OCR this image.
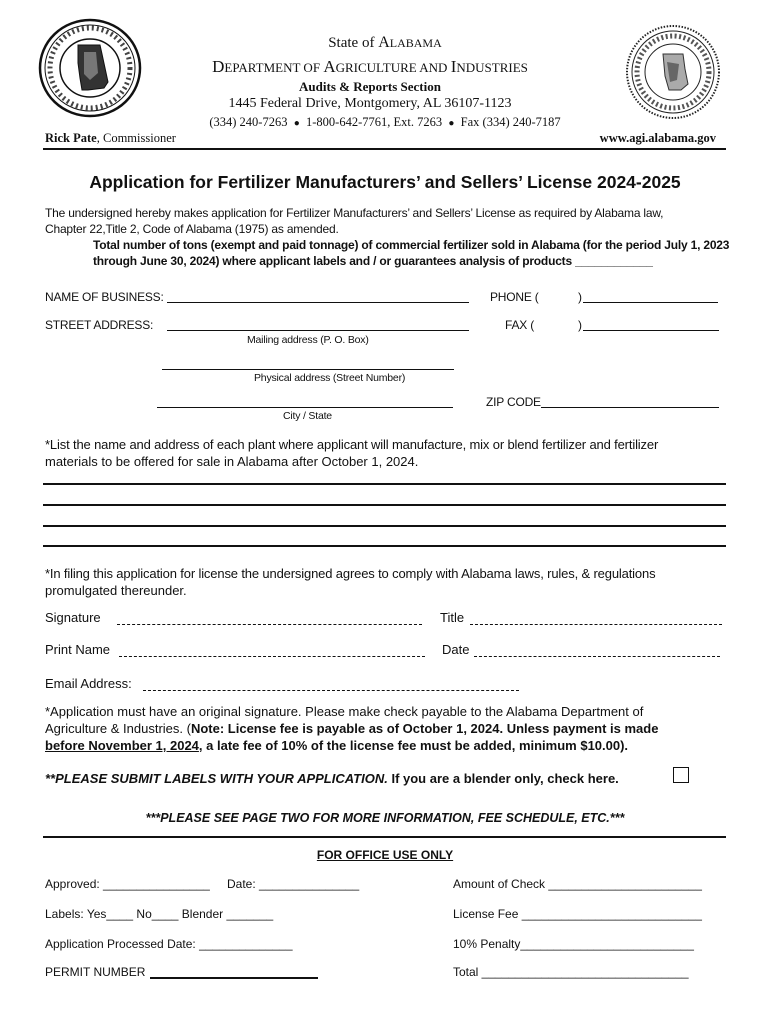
State of ALABAMA
DEPARTMENT OF AGRICULTURE AND INDUSTRIES
Audits & Reports Section
1445 Federal Drive, Montgomery, AL 36107-1123
(334) 240-7263 ● 1-800-642-7761, Ext. 7263 ● Fax (334) 240-7187
Rick Pate, Commissioner	www.agi.alabama.gov
Application for Fertilizer Manufacturers’ and Sellers’ License 2024-2025
The undersigned hereby makes application for Fertilizer Manufacturers’ and Sellers’ License as required by Alabama law,
Chapter 22,Title 2, Code of Alabama (1975) as amended.
Total number of tons (exempt and paid tonnage) of commercial fertilizer sold in Alabama (for the period July 1, 2023
through June 30, 2024) where applicant labels and / or guarantees analysis of products ____________
NAME OF BUSINESS:	PHONE (	)
STREET ADDRESS:	FAX (	)
Mailing address (P. O. Box)
Physical address (Street Number)
ZIP CODE
City / State
*List the name and address of each plant where applicant will manufacture, mix or blend fertilizer and fertilizer
materials to be offered for sale in Alabama after October 1, 2024.
*In filing this application for license the undersigned agrees to comply with Alabama laws, rules, & regulations
promulgated thereunder.
Signature	Title
Print Name	Date
Email Address:
*Application must have an original signature. Please make check payable to the Alabama Department of
Agriculture & Industries. (Note: License fee is payable as of October 1, 2024. Unless payment is made
before November 1, 2024, a late fee of 10% of the license fee must be added, minimum $10.00).
**PLEASE SUBMIT LABELS WITH YOUR APPLICATION. If you are a blender only, check here.
***PLEASE SEE PAGE TWO FOR MORE INFORMATION, FEE SCHEDULE, ETC.***
FOR OFFICE USE ONLY
Approved: ________________ Date: _______________	Amount of Check _______________________
Labels: Yes____ No____ Blender _______	License Fee ___________________________
Application Processed Date: ______________	10% Penalty__________________________
PERMIT NUMBER	Total _______________________________
